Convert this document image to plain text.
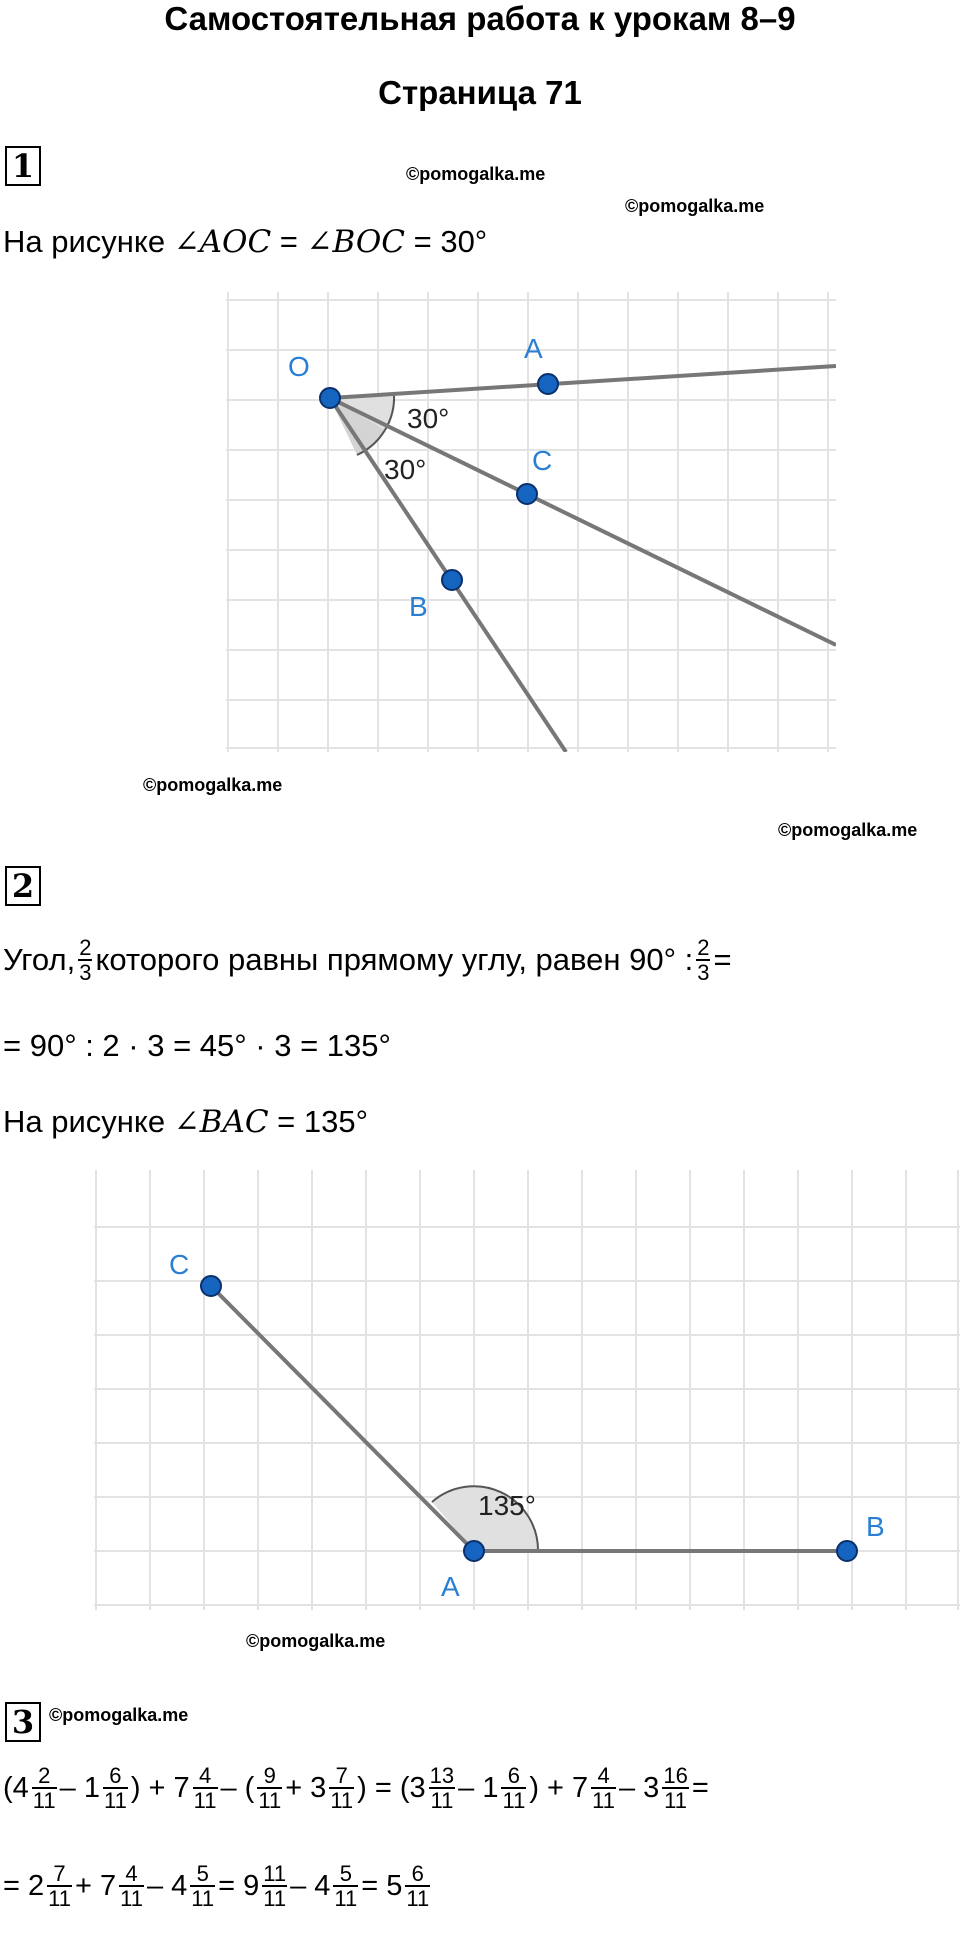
Самостоятельная работа к урокам 8–9
Страница 71
1	©pomogalka.me
©pomogalka.me
На рисунке ∠AOC = ∠BOC = 30°
30°
30°
O
A
C
B
©pomogalka.me
©pomogalka.me
2
Угол, $\frac{2}{3}$ которого равны прямому углу, равен 90° : $\frac{2}{3}$ =
= 90° : 2 · 3 = 45° · 3 = 135°
На рисунке ∠BAC = 135°
135°
C
A
B
©pomogalka.me
3 ©pomogalka.me
($4 \frac{2}{11} - 1 \frac{6}{11}$ ) + $7 \frac{4}{11}$ – ( $\frac{9}{11} + 3 \frac{7}{11}$ ) = ($3 \frac{13}{11} - 1 \frac{6}{11}$ ) + $7 \frac{4}{11} - 3 \frac{16}{11}$ =
= $2 \frac{7}{11} + 7 \frac{4}{11} - 4 \frac{5}{11} = 9 \frac{11}{11} - 4 \frac{5}{11} = 5 \frac{6}{11}$
